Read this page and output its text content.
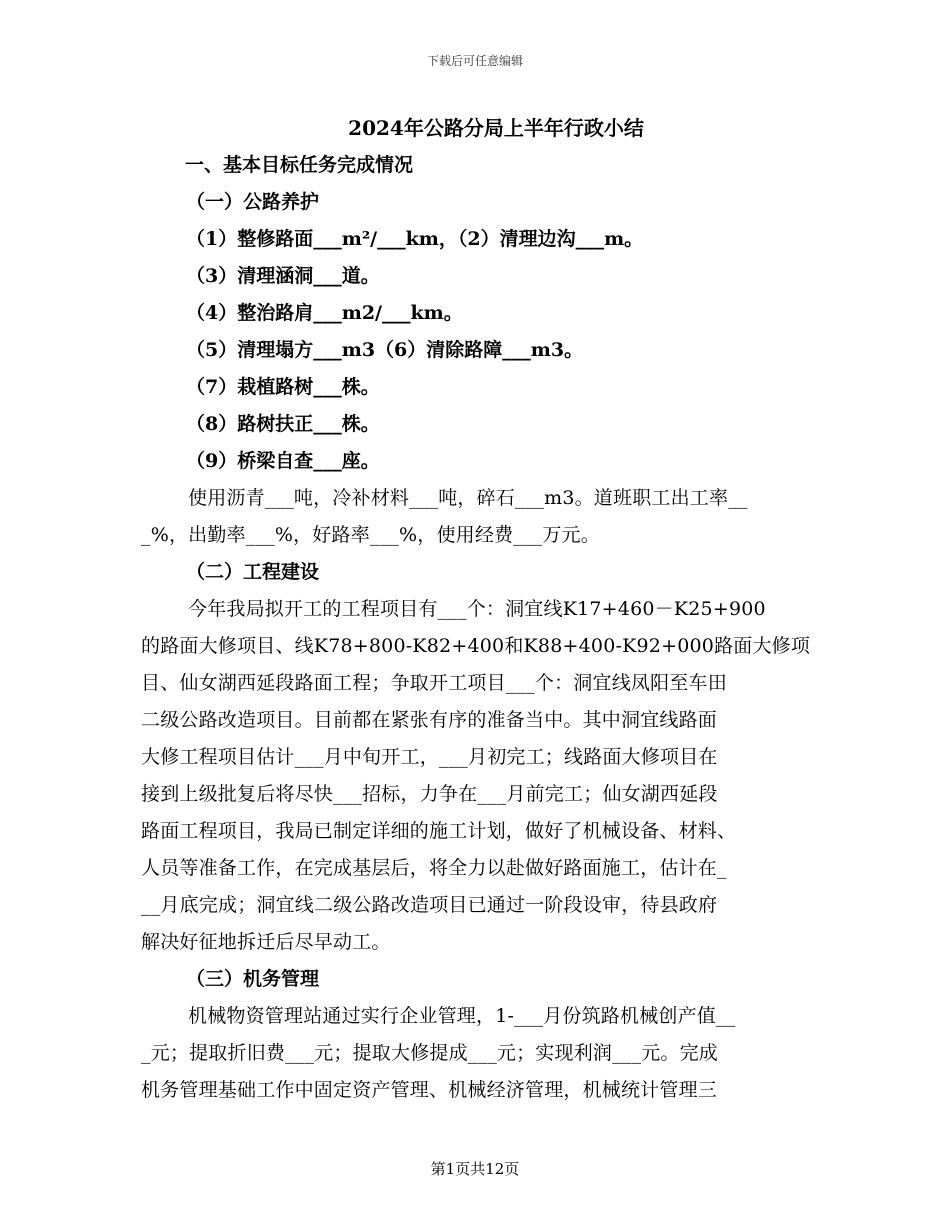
下载后可任意编辑
2024年公路分局上半年行政小结
一、基本目标任务完成情况
（一）公路养护
（1）整修路面___m²/___km，（2）清理边沟___m。
（3）清理涵洞___道。
（4）整治路肩___m2/___km。
（5）清理塌方___m3（6）清除路障___m3。
（7）栽植路树___株。
（8）路树扶正___株。
（9）桥梁自查___座。
使用沥青___吨，冷补材料___吨，碎石___m3。道班职工出工率__
_%，出勤率___%，好路率___%，使用经费___万元。
（二）工程建设
今年我局拟开工的工程项目有___个：洞宜线K17+460－K25+900
的路面大修项目、线K78+800-K82+400和K88+400-K92+000路面大修项
目、仙女湖西延段路面工程；争取开工项目___个：洞宜线凤阳至车田
二级公路改造项目。目前都在紧张有序的准备当中。其中洞宜线路面
大修工程项目估计___月中旬开工，___月初完工；线路面大修项目在
接到上级批复后将尽快___招标，力争在___月前完工；仙女湖西延段
路面工程项目，我局已制定详细的施工计划，做好了机械设备、材料、
人员等准备工作，在完成基层后，将全力以赴做好路面施工，估计在_
__月底完成；洞宜线二级公路改造项目已通过一阶段设审，待县政府
解决好征地拆迁后尽早动工。
（三）机务管理
机械物资管理站通过实行企业管理，1-___月份筑路机械创产值__
_元；提取折旧费___元；提取大修提成___元；实现利润___元。完成
机务管理基础工作中固定资产管理、机械经济管理，机械统计管理三
第1页共12页
